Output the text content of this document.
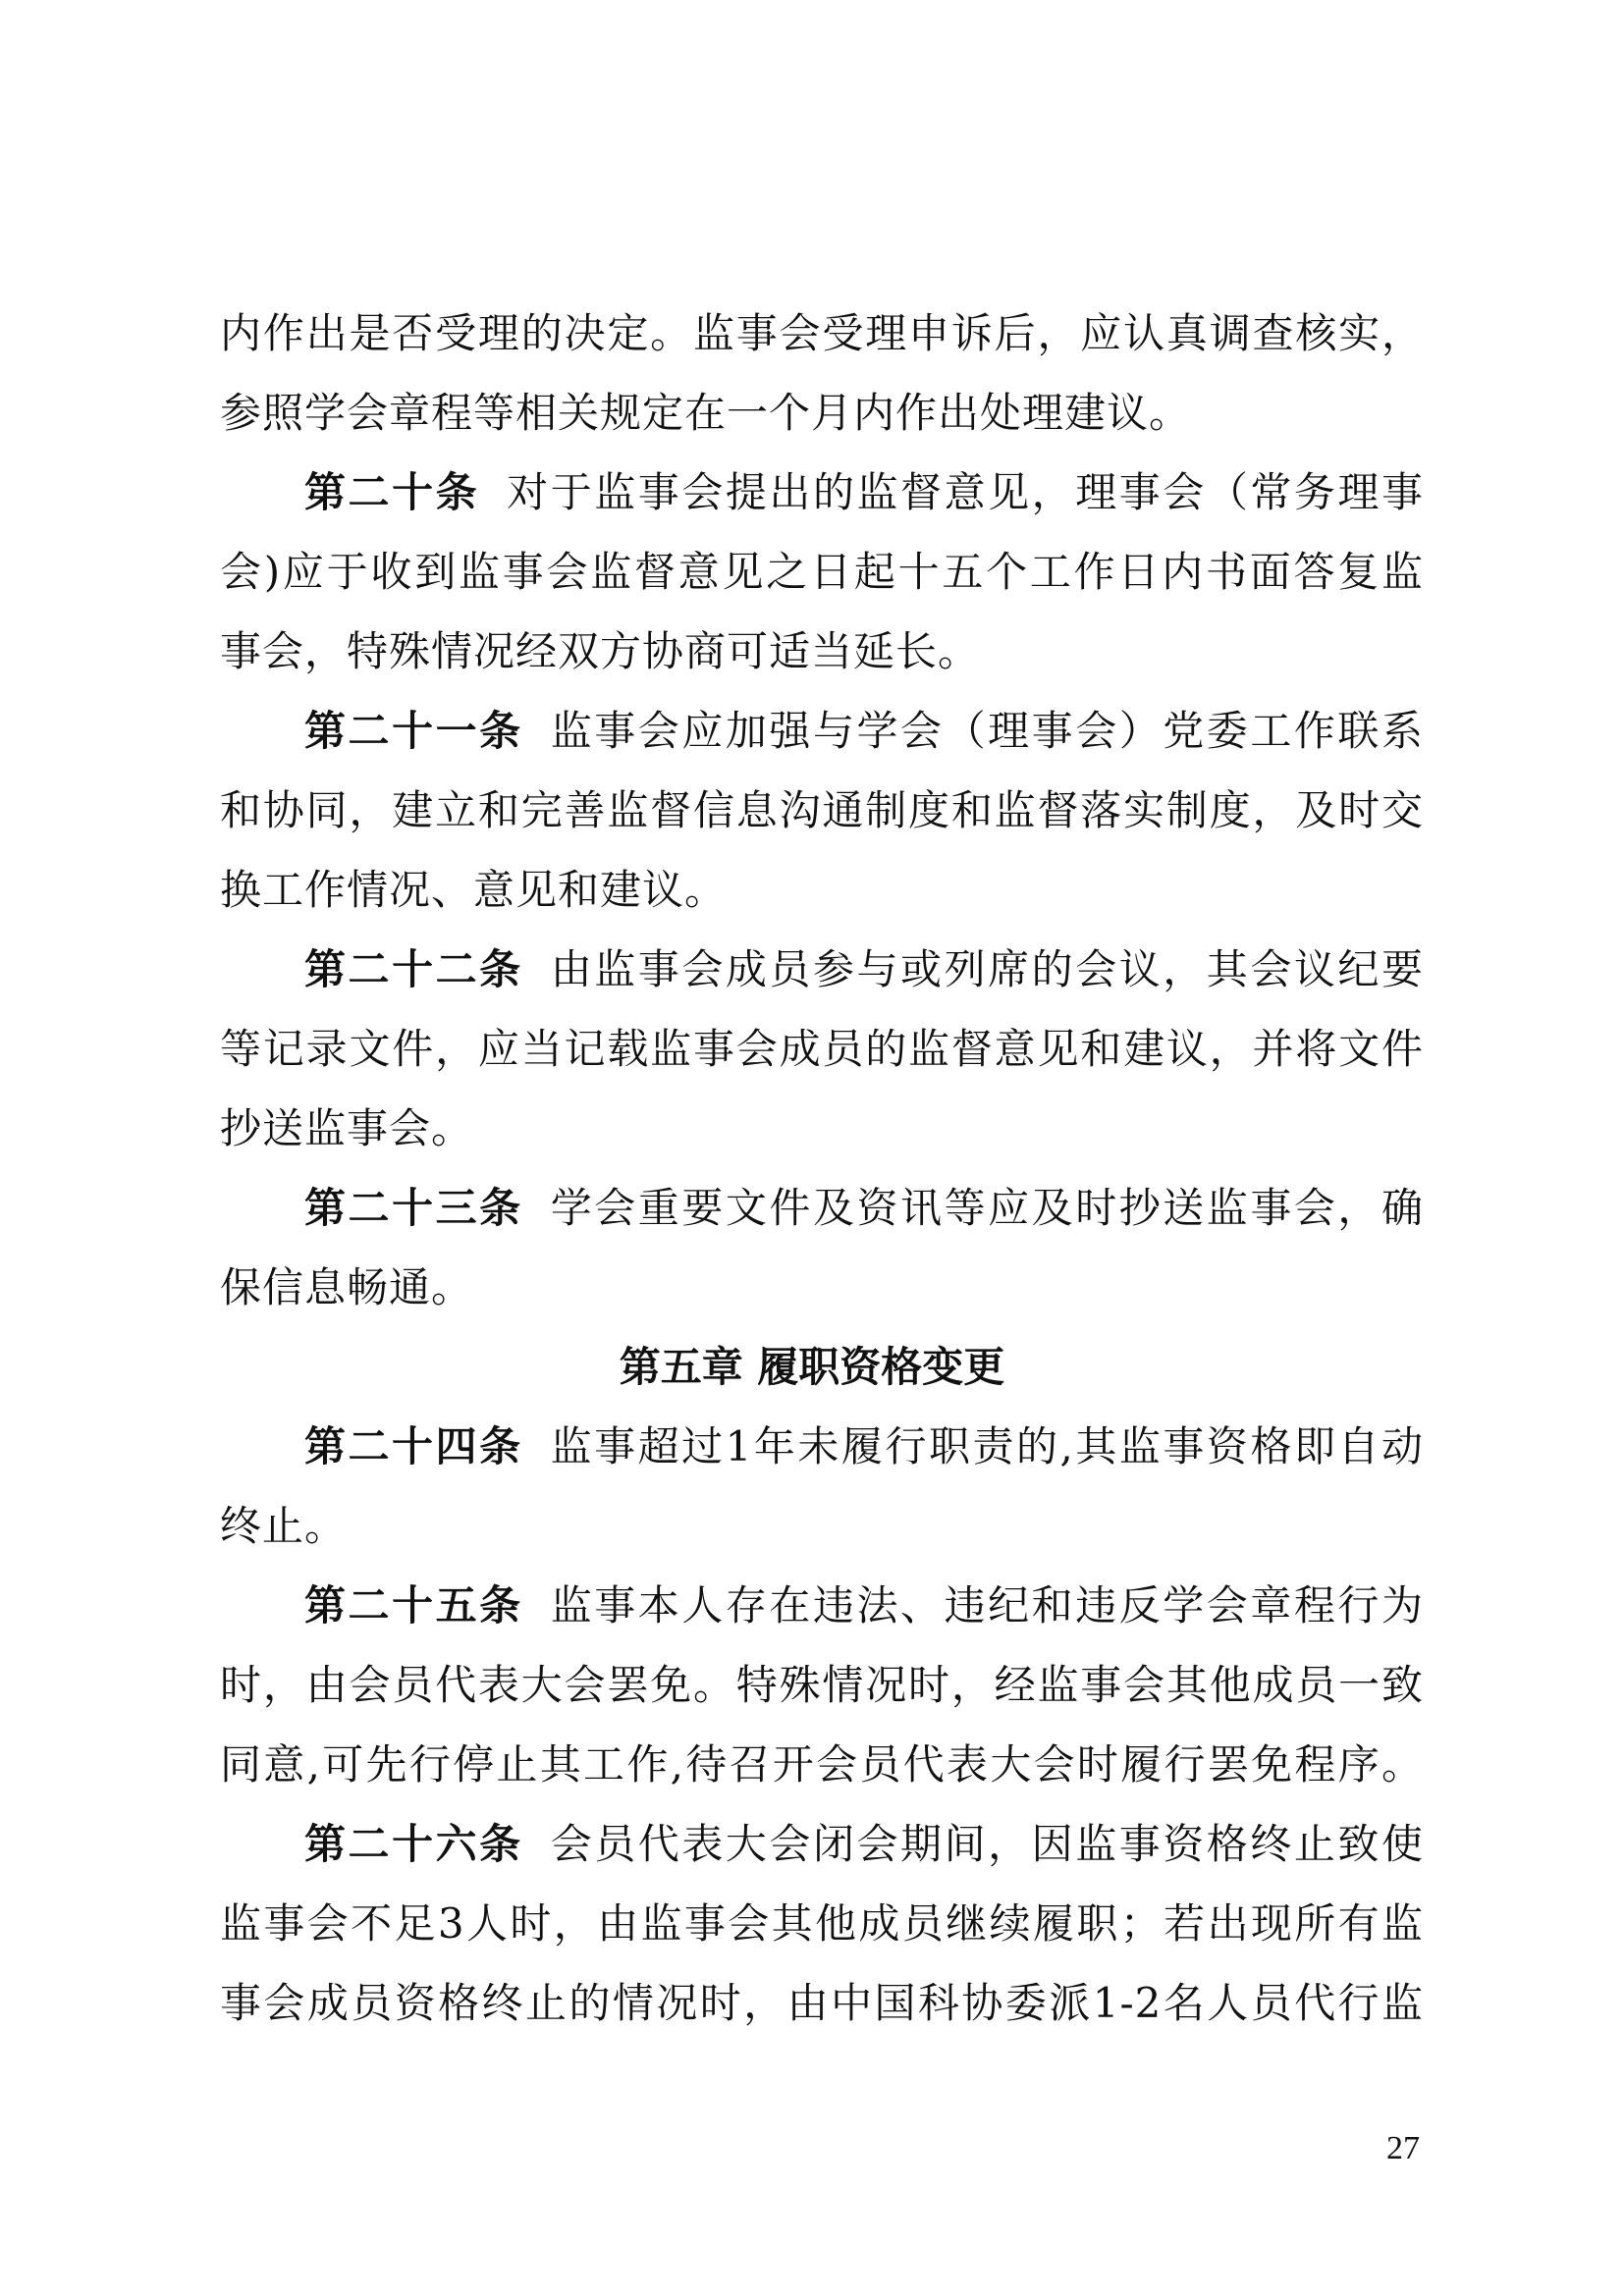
内作出是否受理的决定。监事会受理申诉后，应认真调查核实，
参照学会章程等相关规定在一个月内作出处理建议。
第二十条 对于监事会提出的监督意见，理事会（常务理事
会)应于收到监事会监督意见之日起十五个工作日内书面答复监
事会，特殊情况经双方协商可适当延长。
第二十一条 监事会应加强与学会（理事会）党委工作联系
和协同，建立和完善监督信息沟通制度和监督落实制度，及时交
换工作情况、意见和建议。
第二十二条 由监事会成员参与或列席的会议，其会议纪要
等记录文件，应当记载监事会成员的监督意见和建议，并将文件
抄送监事会。
第二十三条 学会重要文件及资讯等应及时抄送监事会，确
保信息畅通。
第五章 履职资格变更
第二十四条 监事超过1年未履行职责的,其监事资格即自动
终止。
第二十五条 监事本人存在违法、违纪和违反学会章程行为
时，由会员代表大会罢免。特殊情况时，经监事会其他成员一致
同意,可先行停止其工作,待召开会员代表大会时履行罢免程序。
第二十六条 会员代表大会闭会期间，因监事资格终止致使
监事会不足3人时，由监事会其他成员继续履职；若出现所有监
事会成员资格终止的情况时，由中国科协委派1-2名人员代行监
27
